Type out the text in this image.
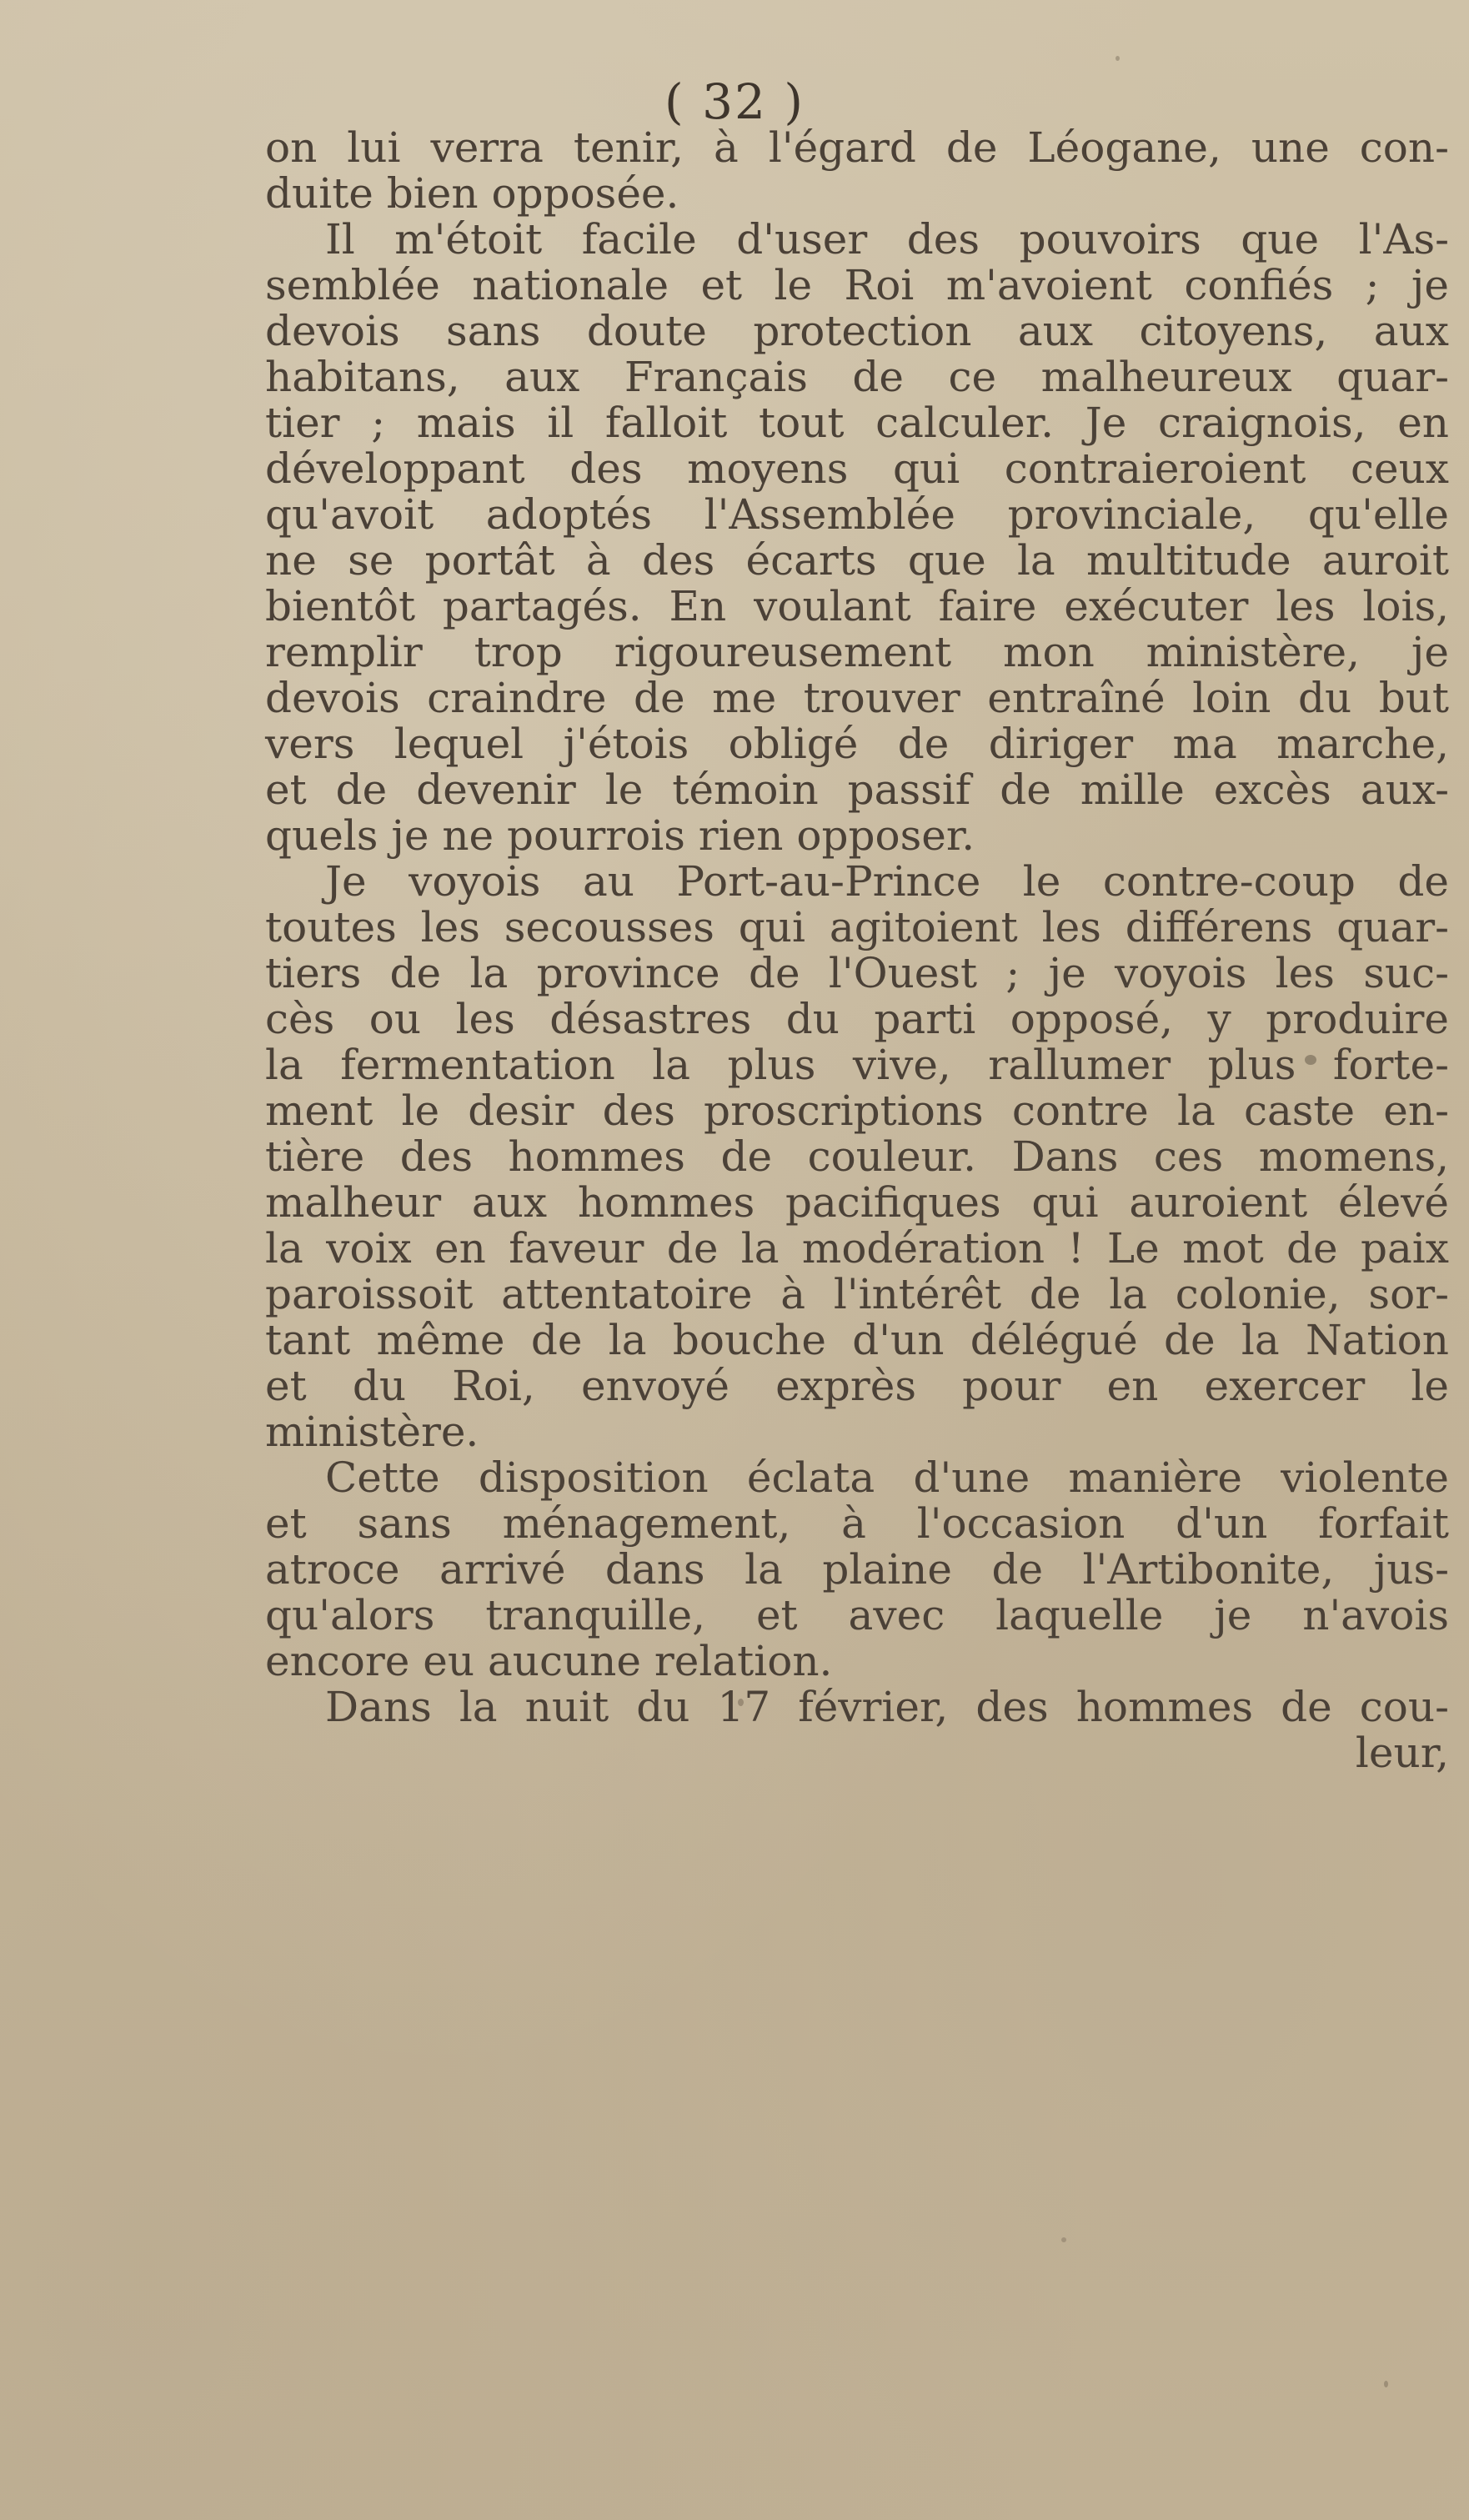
( 32 )
on lui verra tenir, à l'égard de Léogane, une con-
duite bien opposée.
Il m'étoit facile d'user des pouvoirs que l'As-
semblée nationale et le Roi m'avoient confiés ; je
devois sans doute protection aux citoyens, aux
habitans, aux Français de ce malheureux quar-
tier ; mais il falloit tout calculer. Je craignois, en
développant des moyens qui contraieroient ceux
qu'avoit adoptés l'Assemblée provinciale, qu'elle
ne se portât à des écarts que la multitude auroit
bientôt partagés. En voulant faire exécuter les lois,
remplir trop rigoureusement mon ministère, je
devois craindre de me trouver entraîné loin du but
vers lequel j'étois obligé de diriger ma marche,
et de devenir le témoin passif de mille excès aux-
quels je ne pourrois rien opposer.
Je voyois au Port-au-Prince le contre-coup de
toutes les secousses qui agitoient les différens quar-
tiers de la province de l'Ouest ; je voyois les suc-
cès ou les désastres du parti opposé, y produire
la fermentation la plus vive, rallumer plus forte-
ment le desir des proscriptions contre la caste en-
tière des hommes de couleur. Dans ces momens,
malheur aux hommes pacifiques qui auroient élevé
la voix en faveur de la modération ! Le mot de paix
paroissoit attentatoire à l'intérêt de la colonie, sor-
tant même de la bouche d'un délégué de la Nation
et du Roi, envoyé exprès pour en exercer le
ministère.
Cette disposition éclata d'une manière violente
et sans ménagement, à l'occasion d'un forfait
atroce arrivé dans la plaine de l'Artibonite, jus-
qu'alors tranquille, et avec laquelle je n'avois
encore eu aucune relation.
Dans la nuit du 17 février, des hommes de cou-
leur,
